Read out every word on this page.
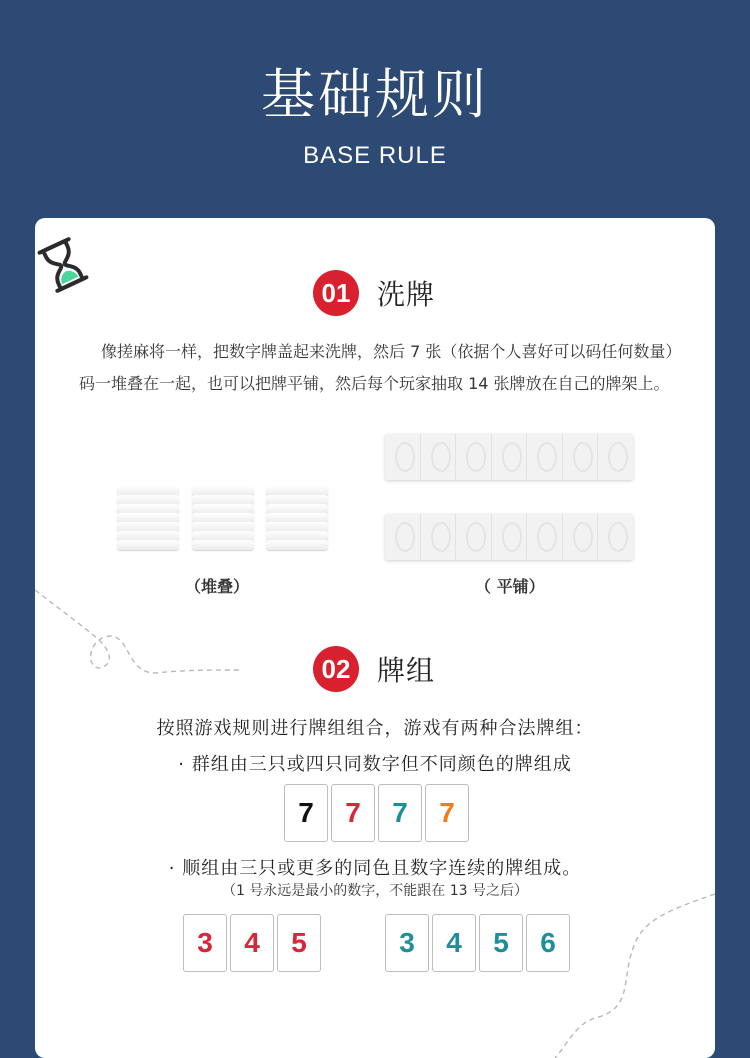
基础规则
BASE RULE
01 洗牌
像搓麻将一样，把数字牌盖起来洗牌，然后 7 张（依据个人喜好可以码任何数量）码一堆叠在一起，也可以把牌平铺，然后每个玩家抽取 14 张牌放在自己的牌架上。
（堆叠）	（ 平铺）
02 牌组
按照游戏规则进行牌组组合，游戏有两种合法牌组：
· 群组由三只或四只同数字但不同颜色的牌组成
7	7	7	7
· 顺组由三只或更多的同色且数字连续的牌组成。
（1 号永远是最小的数字，不能跟在 13 号之后）
3	4	5	3	4	5	6
